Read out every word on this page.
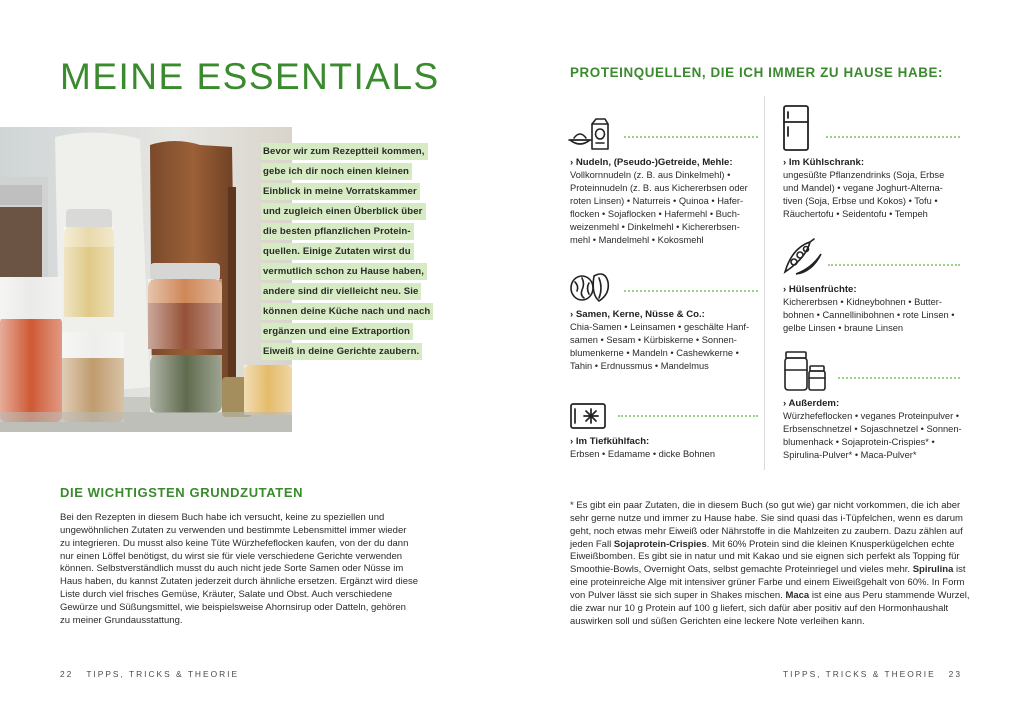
MEINE ESSENTIALS
Bevor wir zum Rezeptteil kommen,
gebe ich dir noch einen kleinen
Einblick in meine Vorratskammer
und zugleich einen Überblick über
die besten pflanzlichen Protein-
quellen. Einige Zutaten wirst du
vermutlich schon zu Hause haben,
andere sind dir vielleicht neu. Sie
können deine Küche nach und nach
ergänzen und eine Extraportion
Eiweiß in deine Gerichte zaubern.
DIE WICHTIGSTEN GRUNDZUTATEN

Bei den Rezepten in diesem Buch habe ich versucht, keine zu speziellen und

ungewöhnlichen Zutaten zu verwenden und bestimmte Lebensmittel immer wieder

zu integrieren. Du musst also keine Tüte Würzhefeflocken kaufen, von der du dann

nur einen Löffel benötigst, du wirst sie für viele verschiedene Gerichte verwenden

können. Selbstverständlich musst du auch nicht jede Sorte Samen oder Nüsse im

Haus haben, du kannst Zutaten jederzeit durch ähnliche ersetzen. Ergänzt wird diese

Liste durch viel frisches Gemüse, Kräuter, Salate und Obst. Auch verschiedene

Gewürze und Süßungsmittel, wie beispielsweise Ahornsirup oder Datteln, gehören

zu meiner Grundausstattung.

22 TIPPS, TRICKS & THEORIE
PROTEINQUELLEN, DIE ICH IMMER ZU HAUSE HABE:
› Nudeln, (Pseudo-)Getreide, Mehle:
Vollkornnudeln (z. B. aus Dinkelmehl) •
Proteinnudeln (z. B. aus Kichererbsen oder
roten Linsen) • Naturreis • Quinoa • Hafer-
flocken • Sojaflocken • Hafermehl • Buch-
weizenmehl • Dinkelmehl • Kichererbsen-
mehl • Mandelmehl • Kokosmehl
› Im Kühlschrank:
ungesüßte Pflanzendrinks (Soja, Erbse
und Mandel) • vegane Joghurt-Alterna-
tiven (Soja, Erbse und Kokos) • Tofu •
Räuchertofu • Seidentofu • Tempeh
› Samen, Kerne, Nüsse & Co.:
Chia-Samen • Leinsamen • geschälte Hanf-
samen • Sesam • Kürbiskerne • Sonnen-
blumenkerne • Mandeln • Cashewkerne •
Tahin • Erdnussmus • Mandelmus
› Hülsenfrüchte:
Kichererbsen • Kidneybohnen • Butter-
bohnen • Cannellinibohnen • rote Linsen •
gelbe Linsen • braune Linsen
› Im Tiefkühlfach:
Erbsen • Edamame • dicke Bohnen
› Außerdem:
Würzhefeflocken • veganes Proteinpulver •
Erbsenschnetzel • Sojaschnetzel • Sonnen-
blumenhack • Sojaprotein-Crispies* •
Spirulina-Pulver* • Maca-Pulver*

* Es gibt ein paar Zutaten, die in diesem Buch (so gut wie) gar nicht vorkommen, die ich aber

sehr gerne nutze und immer zu Hause habe. Sie sind quasi das i-Tüpfelchen, wenn es darum

geht, noch etwas mehr Eiweiß oder Nährstoffe in die Mahlzeiten zu zaubern. Dazu zählen auf

jeden Fall Sojaprotein-Crispies. Mit 60% Protein sind die kleinen Knusperkügelchen echte

Eiweißbomben. Es gibt sie in natur und mit Kakao und sie eignen sich perfekt als Topping für

Smoothie-Bowls, Overnight Oats, selbst gemachte Proteinriegel und vieles mehr. Spirulina ist

eine proteinreiche Alge mit intensiver grüner Farbe und einem Eiweißgehalt von 60%. In Form

von Pulver lässt sie sich super in Shakes mischen. Maca ist eine aus Peru stammende Wurzel,

die zwar nur 10 g Protein auf 100 g liefert, sich dafür aber positiv auf den Hormonhaushalt

auswirken soll und süßen Gerichten eine leckere Note verleihen kann.

TIPPS, TRICKS & THEORIE 23
